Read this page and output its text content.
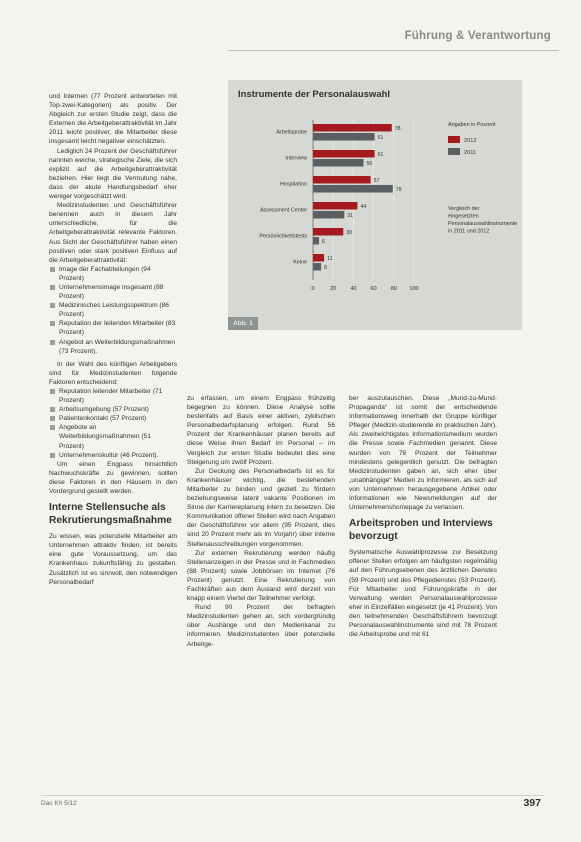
Führung & Verantwortung

und Internen (77 Prozent antworteten mit Top-zwei-Kategorien) als positiv. Der Abgleich zur ersten Studie zeigt, dass die Externen die Arbeitgeberattraktivität im Jahr 2011 leicht positiver, die Mitarbeiter diese insgesamt leicht negativer einschätzten.

Lediglich 24 Prozent der Geschäftsführer nannten weiche, strategische Ziele, die sich explizit auf die Arbeitgeberattraktivität beziehen. Hier liegt die Vermutung nahe, dass der akute Handlungsbedarf eher weniger vorgeschätzt wird.

Medizinstudenten und Geschäftsführer benennen auch in diesem Jahr unterschiedliche, für die Arbeitgeberattraktivität relevante Faktoren. Aus Sicht der Geschäftsführer haben einen positiven oder stark positiven Einfluss auf die Arbeitgeberattraktivität:

Image der Fachabteilungen (94 Prozent)
Unternehmensimage insgesamt (88 Prozent)
Medizinisches Leistungsspektrum (86 Prozent)
Reputation der leitenden Mitarbeiter (83 Prozent)
Angebot an Weiterbildungsmaßnahmen (73 Prozent).

In der Wahl des künftigen Arbeitgebers sind für Medizinstudenten folgende Faktoren entscheidend:

Reputation leitender Mitarbeiter (71 Prozent)
Arbeitsumgebung (57 Prozent)
Patientenkontakt (57 Prozent)
Angebote an Weiterbildungsmaßnahmen (51 Prozent)
Unternehmenskultur (46 Prozent).

Um einen Engpass hinsichtlich Nachwuchskräfte zu gewinnen, sollten diese Faktoren in den Häusern in den Vordergrund gestellt werden.

Interne Stellensuche als Rekrutierungsmaßnahme

Zu wissen, was potenzielle Mitarbeiter am Unternehmen attraktiv finden, ist bereits eine gute Voraussetzung, um das Krankenhaus zukunftsfähig zu gestalten. Zusätzlich ist es sinnvoll, den notwendigen Personalbedarf

Instrumente der Personalauswahl
0	20	40	60	80 100
Arbeitsprobe
78
61
Interview
61
50
Hospitation
57
79
Assessment Center
44
31
Persönlichkeitstests
30
6
Keine
11
8
Angaben in Prozent
2012
2011
Vergleich der eingesetzten Personalauswahlinstrumente in 2011 und 2012
Abb. 1

zu erfassen, um einem Engpass frühzeitig begegnen zu können. Diese Analyse sollte bestenfalls auf Basis einer aktiven, zyklischen Personalbedarfsplanung erfolgen. Rund 56 Prozent der Krankenhäuser planen bereits auf diese Weise ihren Bedarf im Personal – im Vergleich zur ersten Studie bedeutet dies eine Steigerung um zwölf Prozent.

Zur Deckung des Personalbedarfs ist es für Krankenhäuser wichtig, die bestehenden Mitarbeiter zu binden und gezielt zu fördern beziehungsweise latent vakante Positionen im Sinne der Karriereplanung intern zu besetzen. Die Kommunikation offener Stellen wird nach Angaben der Geschäftsführer vor allem (95 Prozent, dies sind 20 Prozent mehr als im Vorjahr) über interne Stellenausschreibungen vorgenommen.

Zur externen Rekrutierung werden häufig Stellenanzeigen in der Presse und in Fachmedien (88 Prozent) sowie Jobbörsen im Internet (76 Prozent) genutzt. Eine Rekrutierung von Fachkräften aus dem Ausland wird derzeit von knapp einem Viertel der Teilnehmer verfolgt.

Rund 90 Prozent der befragten Medizinstudenten gehen an, sich vordergründig über Aushänge und den Medienkanal zu informieren. Medizinstudenten über potenzielle Arbeitge-

ber auszutauschen. Diese „Mund-zu-Mund-Propaganda“ ist somit der entscheidende Informationsweg innerhalb der Gruppe künftiger Pfleger (Medizin-studierende im praktischen Jahr). Als zweitwichtigstes Informationsmedium wurden die Presse sowie Fachmedien genannt. Diese wurden von 78 Prozent der Teilnehmer mindestens gelegentlich genutzt. Die befragten Medizinstudenten gaben an, sich eher über „unabhängige“ Medien zu informieren, als sich auf von Unternehmen herausgegebene Artikel oder Informationen wie Newsmeldungen auf der Unternehmenshomepage zu verlassen.

Arbeitsproben und Interviews bevorzugt

Systematische Auswahlprozesse zur Besetzung offener Stellen erfolgen am häufigsten regelmäßig auf den Führungsebenen des ärztlichen Dienstes (59 Prozent) und des Pflegedienstes (53 Prozent). Für Mitarbeiter und Führungskräfte in der Verwaltung werden Personalauswahlprozesse eher in Einzelfällen eingesetzt (je 41 Prozent). Von den teilnehmenden Geschäftsführern bevorzugt Personalauswahlinstrumente sind mit 78 Prozent die Arbeitsprobe und mit 61

Das Kh 5/12	397
